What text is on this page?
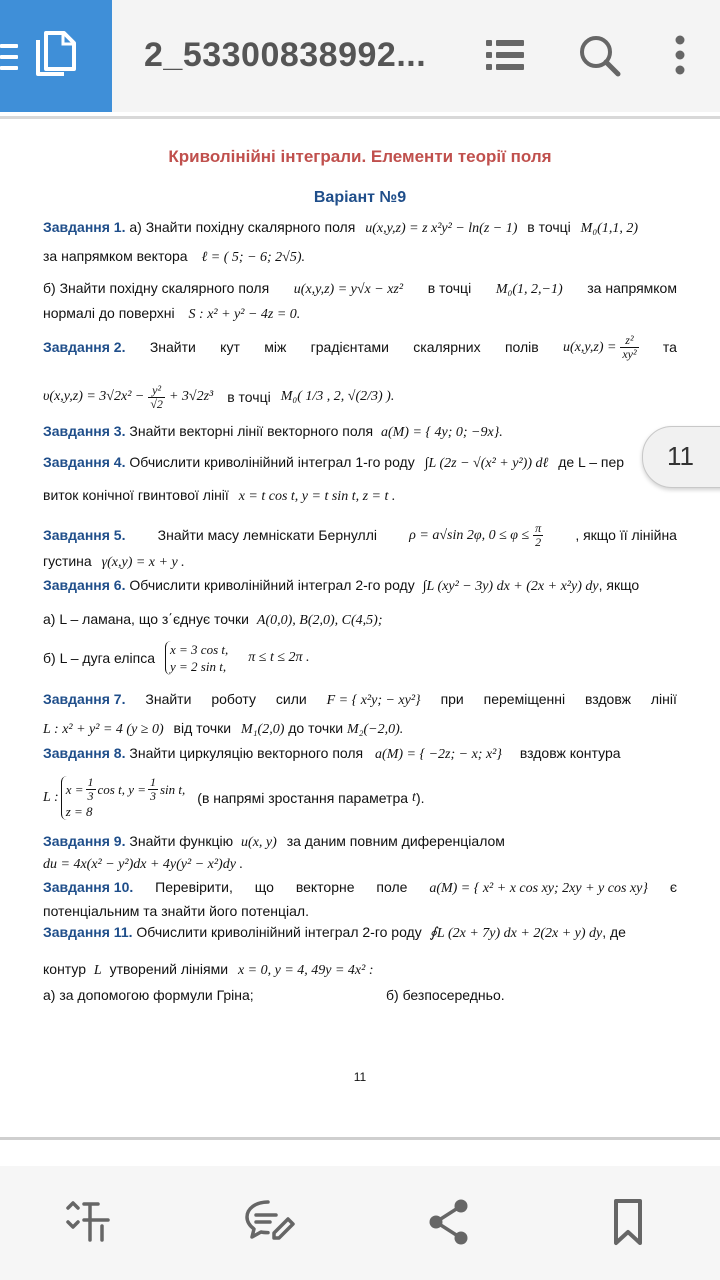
2_53300838992...
Криволінійні інтеграли. Елементи теорії поля
Варіант №9
Завдання 1. а) Знайти похідну скалярного поля u(x,y,z) = z x²y² − ln(z − 1) в точці M₀(1,1, 2)
за напрямком вектора ℓ = ( 5; − 6; 2√5).
б) Знайти похідну скалярного поля u(x,y,z) = y√x − xz² в точці M₀(1, 2,−1) за напрямком
нормалі до поверхні S : x² + y² − 4z = 0.
Завдання 2. Знайти кут між градієнтами скалярних полів $u(x,y,z) = \frac{\text{z²}}{\text{xy²}}$ та
$\upsilon(x,y,z) = 3√2x^2 - \frac{\text{y²}}{√2} + 3√2z^3$ в точці M₀( 1/3 , 2, √(2/3) ).
Завдання 3. Знайти векторні лінії векторного поля a(M) = { 4y; 0; −9x}.
Завдання 4. Обчислити криволінійний інтеграл 1-го роду ∫L (2z − √(x² + y²)) dℓ де L – пер
виток конічної гвинтової лінії x = t cos t, y = t sin t, z = t .
Завдання 5. Знайти масу лемніскати Бернуллі ρ = a√sin 2φ, $0 \le \varphi \le \frac{\pi}{2}$ , якщо її лінійна
густина γ(x,y) = x + y .
Завдання 6. Обчислити криволінійний інтеграл 2-го роду ∫L (xy² − 3y) dx + (2x + x²y) dy, якщо
а) L – ламана, що з΄єднує точки A(0,0), B(2,0), C(4,5);
б) L – дуга еліпса
x = 3 cos t,
y = 2 sin t,
π ≤ t ≤ 2π .
Завдання 7. Знайти роботу сили F = { x²y; − xy²} при переміщенні вздовж лінії
L : x² + y² = 4 (y ≥ 0) від точки M₁(2,0) до точки M₂(−2,0).
Завдання 8. Знайти циркуляцію векторного поля a(M) = { −2z; − x; x²} вздовж контура
L :
$x = \frac{1}{3}$ cos t, $y = \frac{1}{3}$ sin t,
z = 8
(в напрямі зростання параметра t ).
Завдання 9. Знайти функцію u(x, y) за даним повним диференціалом
du = 4x(x² − y²)dx + 4y(y² − x²)dy .
Завдання 10. Перевірити, що векторне поле a(M) = { x² + x cos xy; 2xy + y cos xy} є
потенціальним та знайти його потенціал.
Завдання 11. Обчислити криволінійний інтеграл 2-го роду ∮L (2x + 7y) dx + 2(2x + y) dy, де
контур L утворений лініями x = 0, y = 4, 49y = 4x² :
а) за допомогою формули Гріна;	б) безпосередньо.
11
11
